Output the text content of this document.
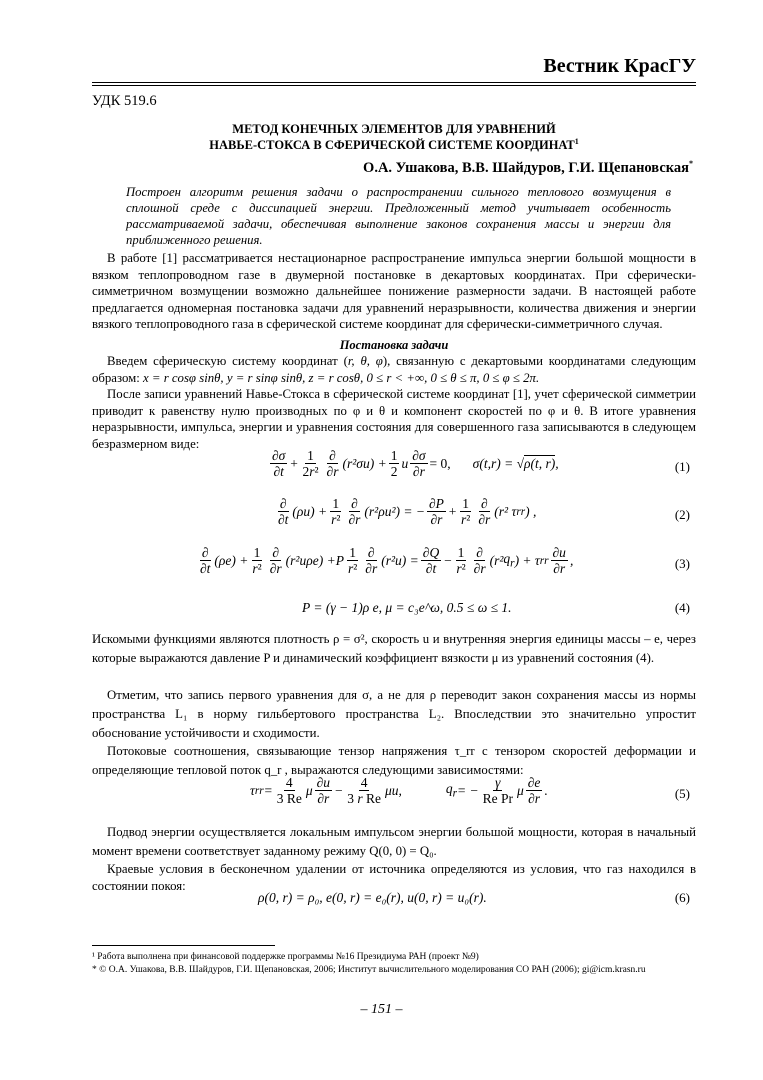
Вестник КрасГУ
УДК 519.6
МЕТОД КОНЕЧНЫХ ЭЛЕМЕНТОВ ДЛЯ УРАВНЕНИЙ
НАВЬЕ-СТОКСА В СФЕРИЧЕСКОЙ СИСТЕМЕ КООРДИНАТ$^1$
О.А. Ушакова, В.В. Шайдуров, Г.И. Щепановская*
Построен алгоритм решения задачи о распространении сильного теплового возмущения в сплошной среде с диссипацией энергии. Предложенный метод учитывает особенность рассматриваемой задачи, обеспечивая выполнение законов сохранения массы и энергии для приближенного решения.
В работе [1] рассматривается нестационарное распространение импульса энергии большой мощности в вязком теплопроводном газе в двумерной постановке в декартовых координатах. При сферически-симметричном возмущении возможно дальнейшее понижение размерности задачи. В настоящей работе предлагается одномерная постановка задачи для уравнений неразрывности, количества движения и энергии вязкого теплопроводного газа в сферической системе координат для сферически-симметричного случая.
Постановка задачи
Введем сферическую систему координат (r, θ, φ), связанную с декартовыми координатами следующим образом: x = r cosφ sinθ, y = r sinφ sinθ, z = r cosθ, 0 ≤ r < +∞, 0 ≤ θ ≤ π, 0 ≤ φ ≤ 2π.
После записи уравнений Навье-Стокса в сферической системе координат [1], учет сферической симметрии приводит к равенству нулю производных по φ и θ и компонент скоростей по φ и θ. В итоге уравнения неразрывности, импульса, энергии и уравнения состояния для совершенного газа записываются в следующем безразмерном виде:
$\frac{\partial\sigma}{\partial t} + \frac{1}{\text{2r²}} \frac{\partial}{\partial r}$ ( r ²σ u ) + $\frac{1}{2}$ u $\frac{\partial\sigma}{\partial r} = 0$, σ( t , r ) = √ ρ(t, r) ,	(1)
$\frac{\partial}{\partial t} (\rho$ u ) + $\frac{1}{\text{r²}} \frac{\partial}{\partial r}$ ( r ²ρ u ²) = − $\frac{\partial P}{\partial r} + \frac{1}{\text{r²}} \frac{\partial}{\partial r}$ ( r ² τ rr ) ,	(2)
$\frac{\partial}{\partial t} (\rho$ e ) + $\frac{1}{\text{r²}} \frac{\partial}{\partial r}$ ( r ² u ρ e ) + P $\frac{1}{\text{r²}} \frac{\partial}{\partial r}$ ( r ² u ) = $\frac{\partial Q}{\partial t} - \frac{1}{\text{r²}} \frac{\partial}{\partial r}$ ( r ² $q_r$ ) + τ rr $\frac{\partial u}{\partial r}$ ,	(3)
P = (γ − 1)ρ e, μ = c₃e^ω, 0.5 ≤ ω ≤ 1.	(4)
Искомыми функциями являются плотность ρ = σ², скорость u и внутренняя энергия единицы массы – e, через которые выражаются давление P и динамический коэффициент вязкости μ из уравнений состояния (4).
Отметим, что запись первого уравнения для σ, а не для ρ переводит закон сохранения массы из нормы пространства L₁ в норму гильбертового пространства L₂. Впоследствии это значительно упростит обоснование устойчивости и сходимости.
Потоковые соотношения, связывающие тензор напряжения τ_rr с тензором скоростей деформации и определяющие тепловой поток q_r , выражаются следующими зависимостями:
τ rr = $\frac{4}{3 Re}$ μ $\frac{\partial u}{\partial r} - \frac{4}{\text{3 r Re}}$ μ u ,	$q_r$ = − $\frac{\gamma}{\text{Re Pr}}$ μ $\frac{\partial e}{\partial r}$ .	(5)
Подвод энергии осуществляется локальным импульсом энергии большой мощности, которая в начальный момент времени соответствует заданному режиму Q(0, 0) = Q₀.
Краевые условия в бесконечном удалении от источника определяются из условия, что газ находился в состоянии покоя:
ρ(0, r) = ρ₀, e(0, r) = e₀(r), u(0, r) = u₀(r).	(6)
¹ Работа выполнена при финансовой поддержке программы №16 Президиума РАН (проект №9)
* © О.А. Ушакова, В.В. Шайдуров, Г.И. Щепановская, 2006; Институт вычислительного моделирования СО РАН (2006); gi@icm.krasn.ru
– 151 –
